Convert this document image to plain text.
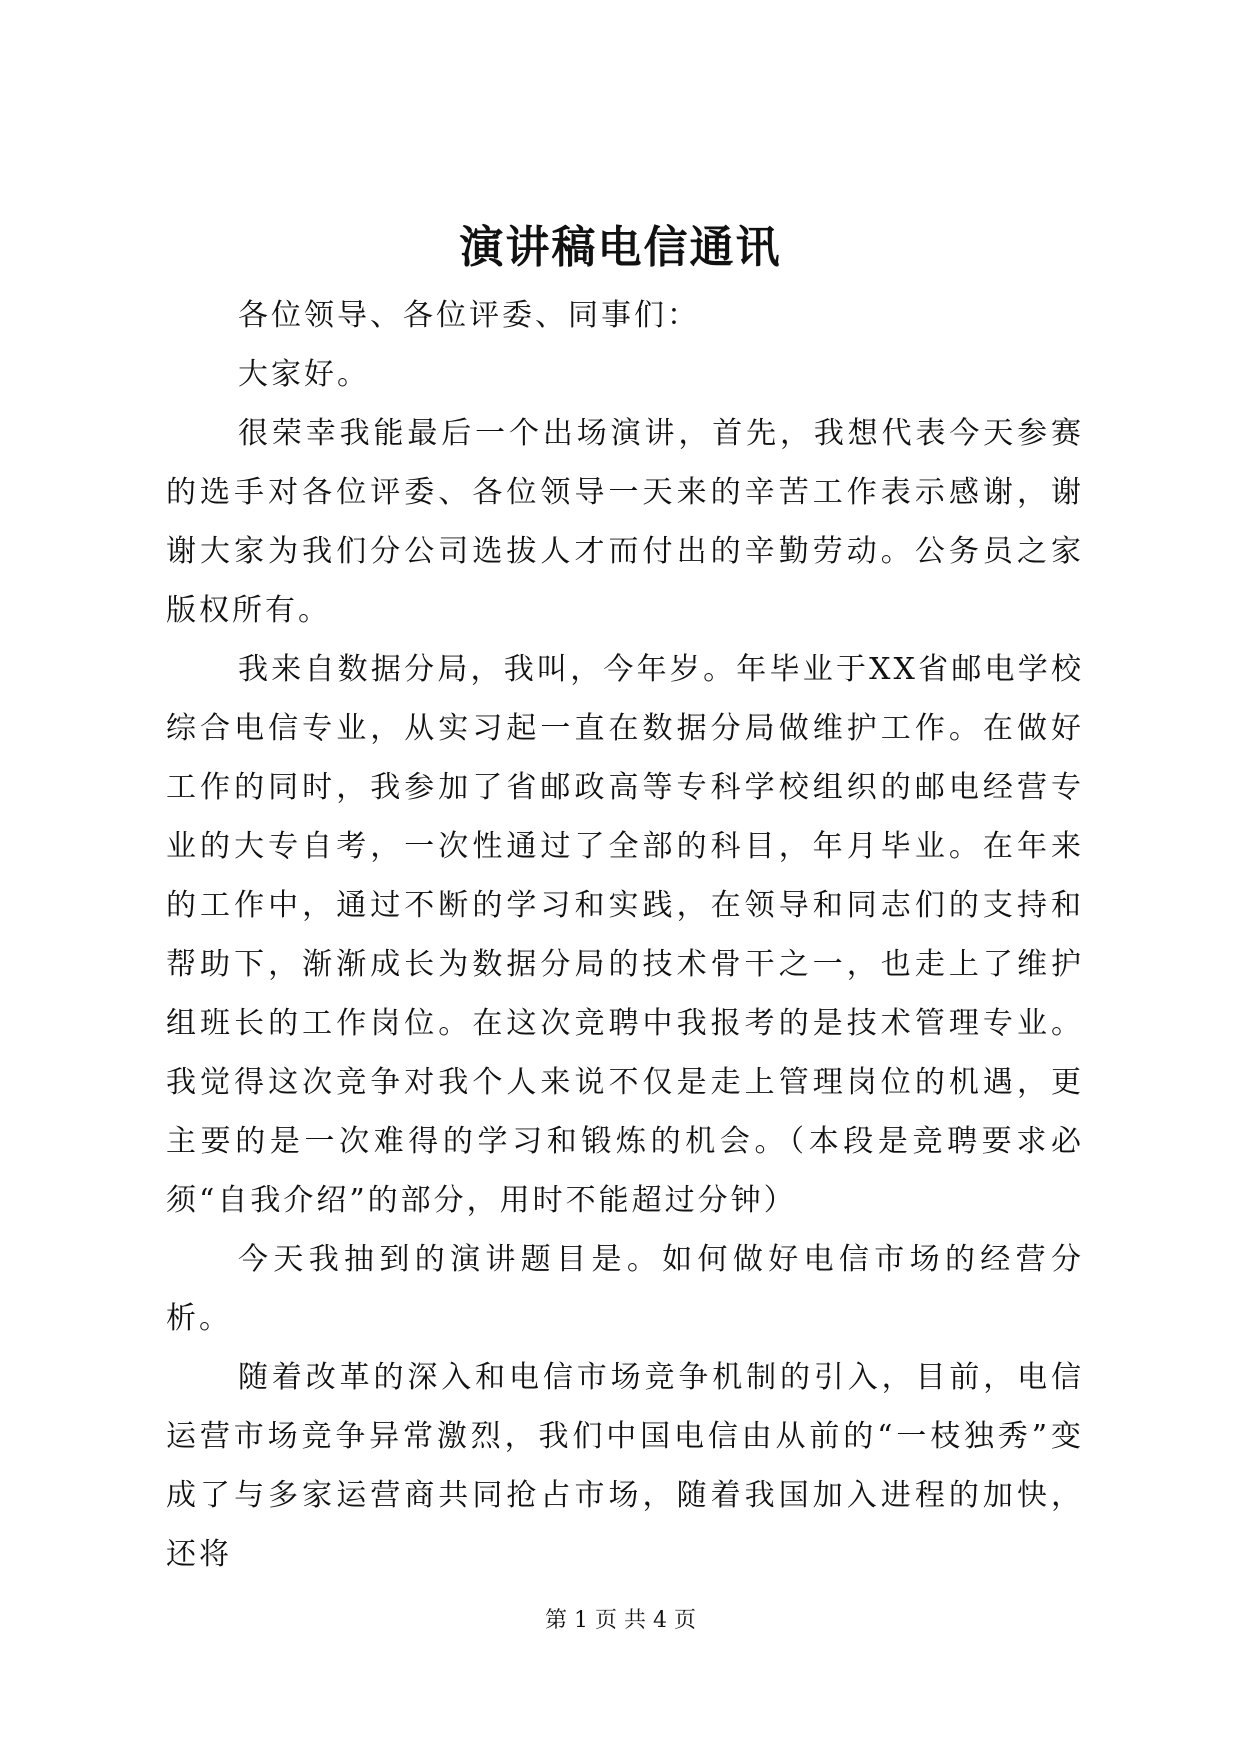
演讲稿电信通讯

各位领导、各位评委、同事们：

大家好。

很荣幸我能最后一个出场演讲，首先，我想代表今天参赛的选手对各位评委、各位领导一天来的辛苦工作表示感谢，谢谢大家为我们分公司选拔人才而付出的辛勤劳动。公务员之家版权所有。

我来自数据分局，我叫，今年岁。年毕业于XX省邮电学校综合电信专业，从实习起一直在数据分局做维护工作。在做好工作的同时，我参加了省邮政高等专科学校组织的邮电经营专业的大专自考，一次性通过了全部的科目，年月毕业。在年来的工作中，通过不断的学习和实践，在领导和同志们的支持和帮助下，渐渐成长为数据分局的技术骨干之一，也走上了维护组班长的工作岗位。在这次竞聘中我报考的是技术管理专业。我觉得这次竞争对我个人来说不仅是走上管理岗位的机遇，更主要的是一次难得的学习和锻炼的机会。（本段是竞聘要求必须“自我介绍”的部分，用时不能超过分钟）

今天我抽到的演讲题目是。如何做好电信市场的经营分析。

随着改革的深入和电信市场竞争机制的引入，目前，电信运营市场竞争异常激烈，我们中国电信由从前的“一枝独秀”变成了与多家运营商共同抢占市场，随着我国加入进程的加快，还将

第 1 页 共 4 页
